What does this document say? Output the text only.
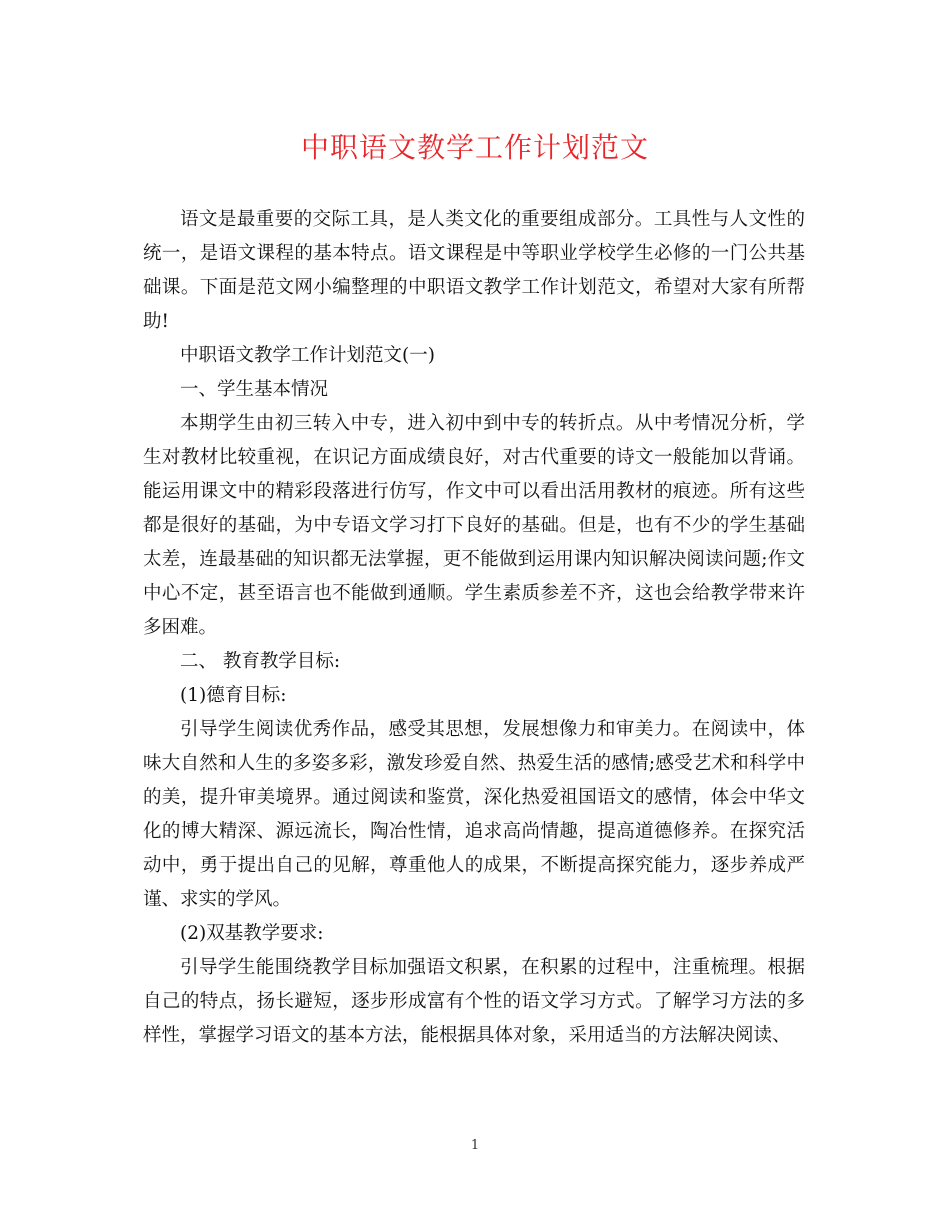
中职语文教学工作计划范文

语文是最重要的交际工具，是人类文化的重要组成部分。工具性与人文性的统一，是语文课程的基本特点。语文课程是中等职业学校学生必修的一门公共基础课。下面是范文网小编整理的中职语文教学工作计划范文，希望对大家有所帮助!

中职语文教学工作计划范文(一)

一、学生基本情况

本期学生由初三转入中专，进入初中到中专的转折点。从中考情况分析，学生对教材比较重视，在识记方面成绩良好，对古代重要的诗文一般能加以背诵。能运用课文中的精彩段落进行仿写，作文中可以看出活用教材的痕迹。所有这些都是很好的基础，为中专语文学习打下良好的基础。但是，也有不少的学生基础太差，连最基础的知识都无法掌握，更不能做到运用课内知识解决阅读问题;作文中心不定，甚至语言也不能做到通顺。学生素质参差不齐，这也会给教学带来许多困难。

二、 教育教学目标:

(1)德育目标:

引导学生阅读优秀作品，感受其思想，发展想像力和审美力。在阅读中，体味大自然和人生的多姿多彩，激发珍爱自然、热爱生活的感情;感受艺术和科学中的美，提升审美境界。通过阅读和鉴赏，深化热爱祖国语文的感情，体会中华文化的博大精深、源远流长，陶冶性情，追求高尚情趣，提高道德修养。在探究活动中，勇于提出自己的见解，尊重他人的成果，不断提高探究能力，逐步养成严谨、求实的学风。

(2)双基教学要求:

引导学生能围绕教学目标加强语文积累，在积累的过程中，注重梳理。根据自己的特点，扬长避短，逐步形成富有个性的语文学习方式。了解学习方法的多样性，掌握学习语文的基本方法，能根据具体对象，采用适当的方法解决阅读、

1
